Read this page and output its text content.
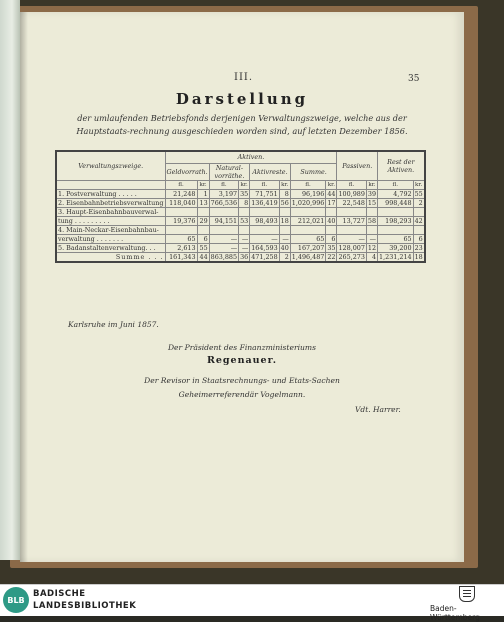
III.	35
Darstellung
der umlaufenden Betriebsfonds derjenigen Verwaltungszweige, welche aus der Hauptstaats-rechnung ausgeschieden worden sind, auf letzten Dezember 1856.
Verwaltungszweige.	Aktiven.								Passiven.		Rest der Aktiven.	
	Geldvorrath.		Natural-vorräthe.		Aktivreste.		Summe.					
	fl.	kr.	fl.	kr.	fl.	kr.	fl.	kr.	fl.	kr.	fl.	kr.
1. Postverwaltung . . . . .	21,248	1	3,197	35	71,751	8	96,196	44	100,989	39	4,792	55
2. Eisenbahnbetriebsverwaltung	118,040	13	766,536	8	136,419	56	1,020,996	17	22,548	15	998,448	2
3. Haupt-Eisenbahnbauverwal-												
tung . . . . . . . . .	19,376	29	94,151	53	98,493	18	212,021	40	13,727	58	198,293	42
4. Main-Neckar-Eisenbahnbau-												
verwaltung . . . . . . .	65	6	—	—	—	—	65	6	—	—	65	6
5. Badanstaltenverwaltung. . .	2,613	55	—	—	164,593	40	167,207	35	128,007	12	39,200	23
Summe . . .	161,343	44	863,885	36	471,258	2	1,496,487	22	265,273	4	1,231,214	18
Karlsruhe im Juni 1857.
Der Präsident des Finanzministeriums
Regenauer.
Der Revisor in Staatsrechnungs- und Etats-Sachen
Geheimerreferendär Vogelmann.
Vdt. Harrer.
BLB
BADISCHE
LANDESBIBLIOTHEK	Baden-Württemberg
